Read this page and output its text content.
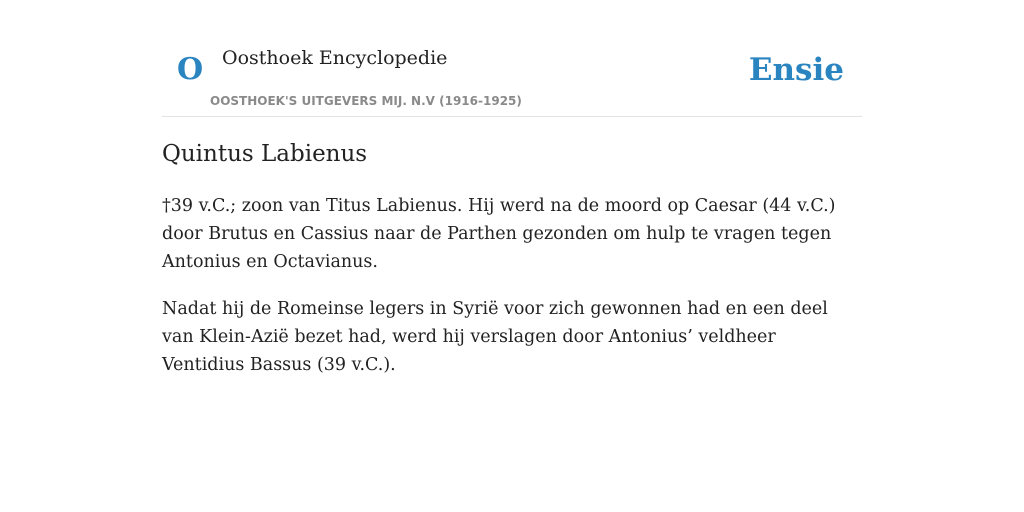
O Oosthoek Encyclopedie
OOSTHOEK'S UITGEVERS MIJ. N.V (1916-1925)
Ensie
Quintus Labienus

†39 v.C.; zoon van Titus Labienus. Hij werd na de moord op Caesar (44 v.C.) door Brutus en Cassius naar de Parthen gezonden om hulp te vragen tegen Antonius en Octavianus.

Nadat hij de Romeinse legers in Syrië voor zich gewonnen had en een deel van Klein-Azië bezet had, werd hij verslagen door Antonius’ veldheer Ventidius Bassus (39 v.C.).
